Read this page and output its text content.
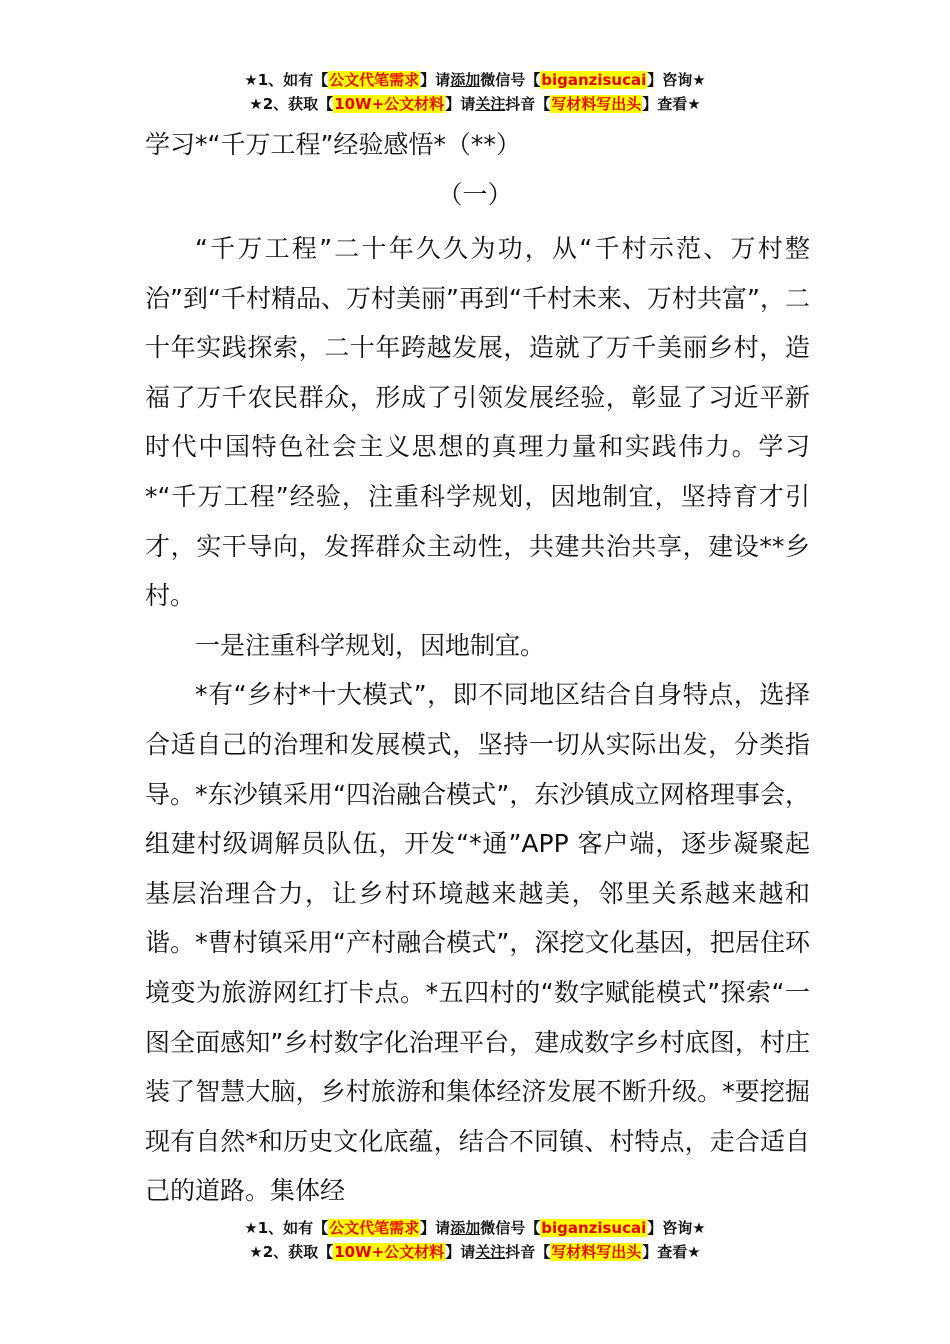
★1、如有【公文代笔需求】请添加微信号【biganzisucai】咨询★
★2、获取【10W+公文材料】请关注抖音【写材料写出头】查看★
学习*“千万工程”经验感悟*（**）
（一）

“千万工程”二十年久久为功，从“千村示范、万村整治”到“千村精品、万村美丽”再到“千村未来、万村共富”，二十年实践探索，二十年跨越发展，造就了万千美丽乡村，造福了万千农民群众，形成了引领发展经验，彰显了习近平新时代中国特色社会主义思想的真理力量和实践伟力。学习*“千万工程”经验，注重科学规划，因地制宜，坚持育才引才，实干导向，发挥群众主动性，共建共治共享，建设**乡村。

一是注重科学规划，因地制宜。

*有“乡村*十大模式”，即不同地区结合自身特点，选择合适自己的治理和发展模式，坚持一切从实际出发，分类指导。*东沙镇采用“四治融合模式”，东沙镇成立网格理事会，组建村级调解员队伍，开发“*通”APP 客户端，逐步凝聚起基层治理合力，让乡村环境越来越美，邻里关系越来越和谐。*曹村镇采用“产村融合模式”，深挖文化基因，把居住环境变为旅游网红打卡点。*五四村的“数字赋能模式”探索“一图全面感知”乡村数字化治理平台，建成数字乡村底图，村庄装了智慧大脑，乡村旅游和集体经济发展不断升级。*要挖掘现有自然*和历史文化底蕴，结合不同镇、村特点，走合适自己的道路。集体经

★1、如有【公文代笔需求】请添加微信号【biganzisucai】咨询★
★2、获取【10W+公文材料】请关注抖音【写材料写出头】查看★
